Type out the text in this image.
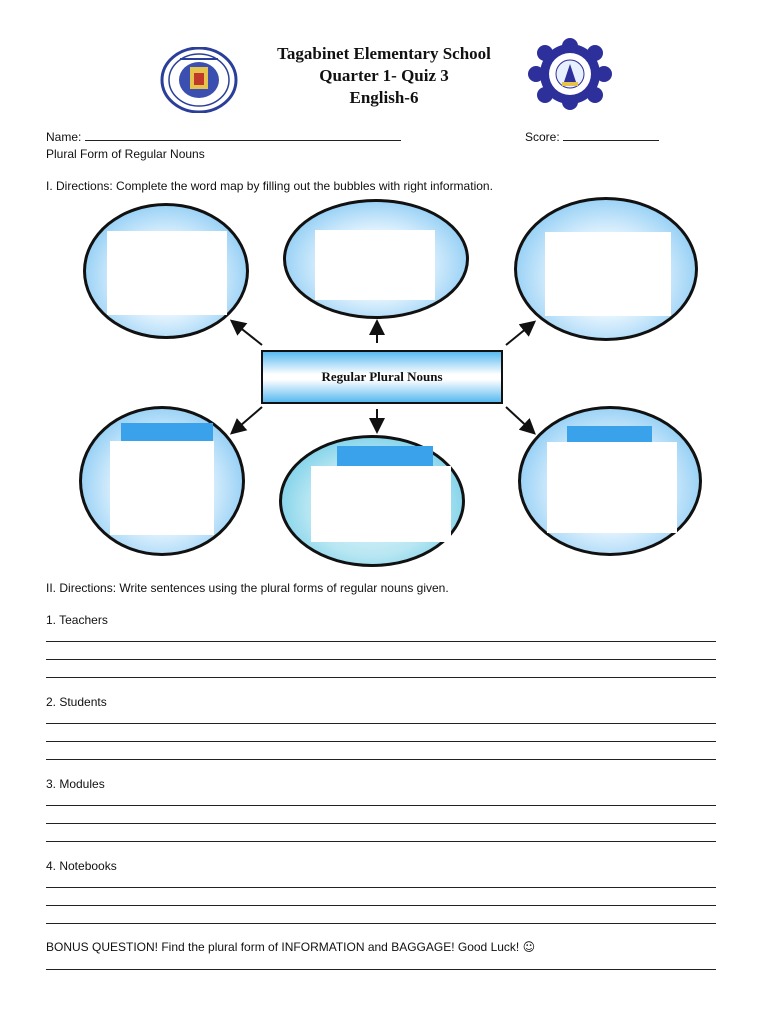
Tagabinet Elementary School
Quarter 1- Quiz 3
English-6
Name:	Score:
Plural Form of Regular Nouns
I. Directions: Complete the word map by filling out the bubbles with right information.
Regular Plural Nouns
II. Directions: Write sentences using the plural forms of regular nouns given.
1. Teachers
2. Students
3. Modules
4. Notebooks
BONUS QUESTION! Find the plural form of INFORMATION and BAGGAGE! Good Luck! ☺
